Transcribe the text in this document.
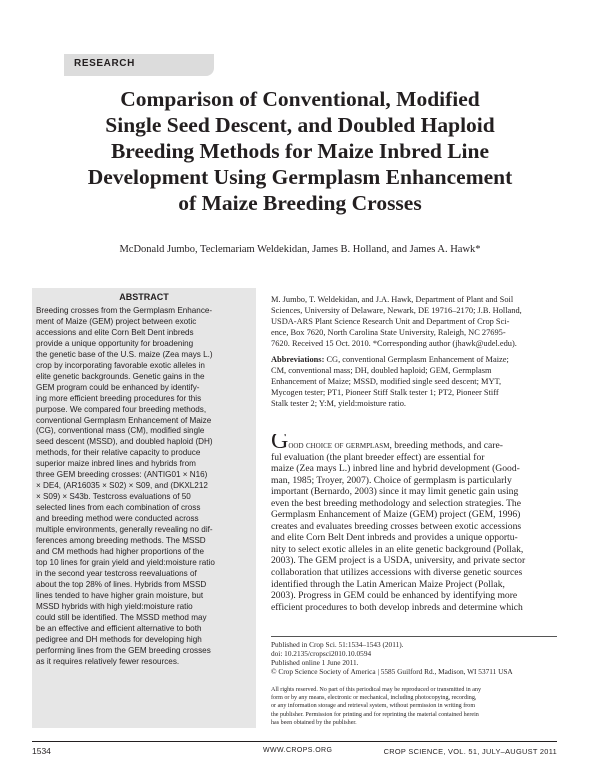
RESEARCH
Comparison of Conventional, Modified
Single Seed Descent, and Doubled Haploid
Breeding Methods for Maize Inbred Line
Development Using Germplasm Enhancement
of Maize Breeding Crosses
McDonald Jumbo, Teclemariam Weldekidan, James B. Holland, and James A. Hawk*
ABSTRACT
Breeding crosses from the Germplasm Enhance-
ment of Maize (GEM) project between exotic
accessions and elite Corn Belt Dent inbreds
provide a unique opportunity for broadening
the genetic base of the U.S. maize (Zea mays L.)
crop by incorporating favorable exotic alleles in
elite genetic backgrounds. Genetic gains in the
GEM program could be enhanced by identify-
ing more efficient breeding procedures for this
purpose. We compared four breeding methods,
conventional Germplasm Enhancement of Maize
(CG), conventional mass (CM), modified single
seed descent (MSSD), and doubled haploid (DH)
methods, for their relative capacity to produce
superior maize inbred lines and hybrids from
three GEM breeding crosses: (ANTIG01 × N16)
× DE4, (AR16035 × S02) × S09, and (DKXL212
× S09) × S43b. Testcross evaluations of 50
selected lines from each combination of cross
and breeding method were conducted across
multiple environments, generally revealing no dif-
ferences among breeding methods. The MSSD
and CM methods had higher proportions of the
top 10 lines for grain yield and yield:moisture ratio
in the second year testcross reevaluations of
about the top 28% of lines. Hybrids from MSSD
lines tended to have higher grain moisture, but
MSSD hybrids with high yield:moisture ratio
could still be identified. The MSSD method may
be an effective and efficient alternative to both
pedigree and DH methods for developing high
performing lines from the GEM breeding crosses
as it requires relatively fewer resources.
M. Jumbo, T. Weldekidan, and J.A. Hawk, Department of Plant and Soil
Sciences, University of Delaware, Newark, DE 19716–2170; J.B. Holland,
USDA-ARS Plant Science Research Unit and Department of Crop Sci-
ence, Box 7620, North Carolina State University, Raleigh, NC 27695-
7620. Received 15 Oct. 2010. *Corresponding author (jhawk@udel.edu).
Abbreviations: CG, conventional Germplasm Enhancement of Maize;
CM, conventional mass; DH, doubled haploid; GEM, Germplasm
Enhancement of Maize; MSSD, modified single seed descent; MYT,
Mycogen tester; PT1, Pioneer Stiff Stalk tester 1; PT2, Pioneer Stiff
Stalk tester 2; Y:M, yield:moisture ratio.
Good choice of germplasm, breeding methods, and care-
ful evaluation (the plant breeder effect) are essential for
maize (Zea mays L.) inbred line and hybrid development (Good-
man, 1985; Troyer, 2007). Choice of germplasm is particularly
important (Bernardo, 2003) since it may limit genetic gain using
even the best breeding methodology and selection strategies. The
Germplasm Enhancement of Maize (GEM) project (GEM, 1996)
creates and evaluates breeding crosses between exotic accessions
and elite Corn Belt Dent inbreds and provides a unique opportu-
nity to select exotic alleles in an elite genetic background (Pollak,
2003). The GEM project is a USDA, university, and private sector
collaboration that utilizes accessions with diverse genetic sources
identified through the Latin American Maize Project (Pollak,
2003). Progress in GEM could be enhanced by identifying more
efficient procedures to both develop inbreds and determine which
Published in Crop Sci. 51:1534–1543 (2011).
doi: 10.2135/cropsci2010.10.0594
Published online 1 June 2011.
© Crop Science Society of America | 5585 Guilford Rd., Madison, WI 53711 USA
All rights reserved. No part of this periodical may be reproduced or transmitted in any
form or by any means, electronic or mechanical, including photocopying, recording,
or any information storage and retrieval system, without permission in writing from
the publisher. Permission for printing and for reprinting the material contained herein
has been obtained by the publisher.
1534	WWW.CROPS.ORG	CROP SCIENCE, VOL. 51, JULY–AUGUST 2011
